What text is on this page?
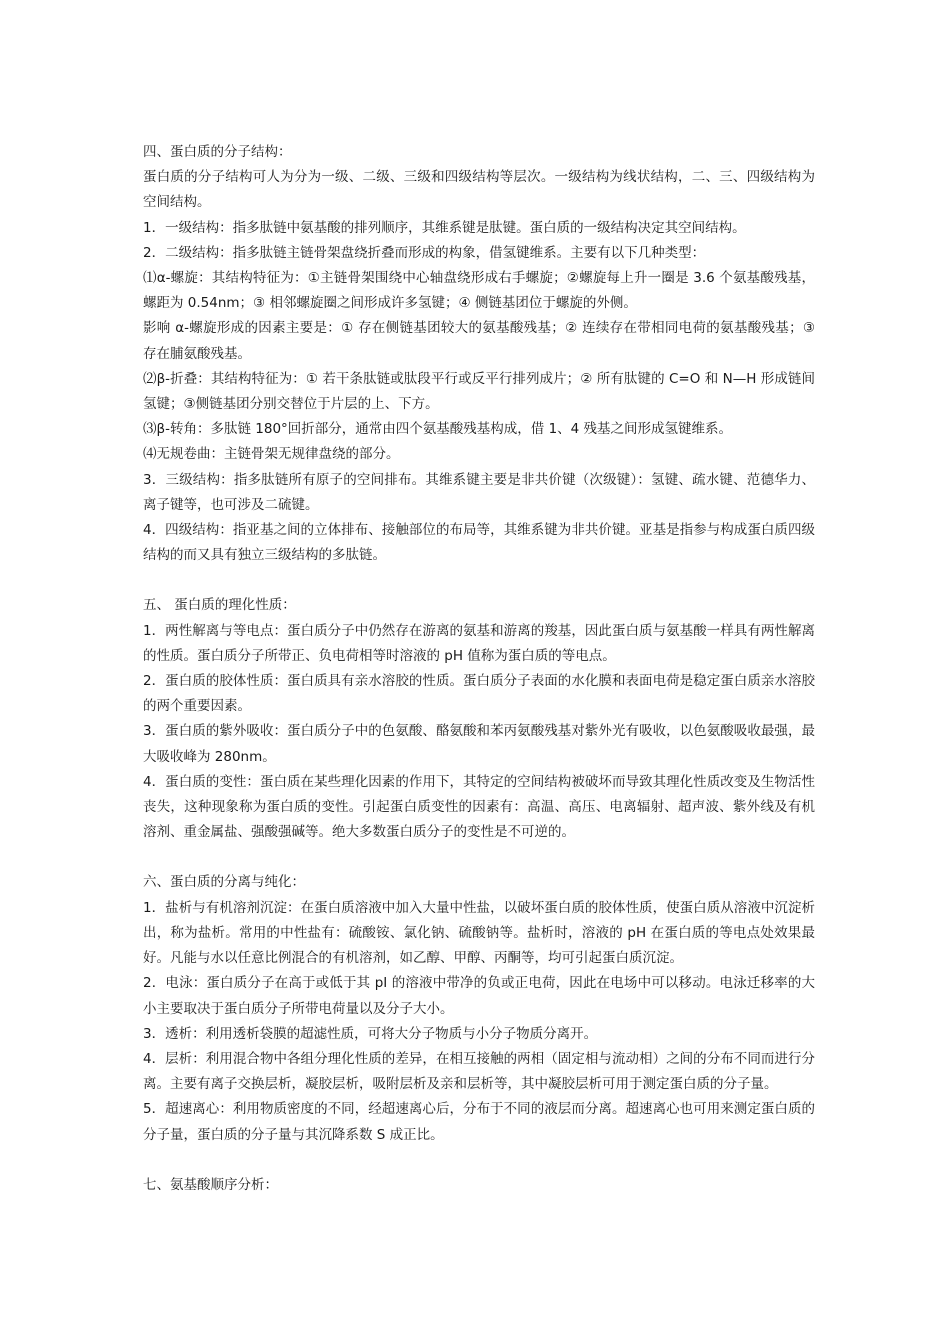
四、蛋白质的分子结构：

蛋白质的分子结构可人为分为一级、二级、三级和四级结构等层次。一级结构为线状结构，二、三、四级结构为空间结构。

1．一级结构：指多肽链中氨基酸的排列顺序，其维系键是肽键。蛋白质的一级结构决定其空间结构。

2．二级结构：指多肽链主链骨架盘绕折叠而形成的构象，借氢键维系。主要有以下几种类型：

⑴α-螺旋：其结构特征为：①主链骨架围绕中心轴盘绕形成右手螺旋；②螺旋每上升一圈是 3.6 个氨基酸残基，螺距为 0.54nm；③ 相邻螺旋圈之间形成许多氢键；④ 侧链基团位于螺旋的外侧。

影响 α-螺旋形成的因素主要是：① 存在侧链基团较大的氨基酸残基；② 连续存在带相同电荷的氨基酸残基；③ 存在脯氨酸残基。

⑵β-折叠：其结构特征为：① 若干条肽链或肽段平行或反平行排列成片；② 所有肽键的 C=O 和 N—H 形成链间氢键；③侧链基团分别交替位于片层的上、下方。

⑶β-转角：多肽链 180°回折部分，通常由四个氨基酸残基构成，借 1、4 残基之间形成氢键维系。

⑷无规卷曲：主链骨架无规律盘绕的部分。

3．三级结构：指多肽链所有原子的空间排布。其维系键主要是非共价键（次级键）：氢键、疏水键、范德华力、离子键等，也可涉及二硫键。

4．四级结构：指亚基之间的立体排布、接触部位的布局等，其维系键为非共价键。亚基是指参与构成蛋白质四级结构的而又具有独立三级结构的多肽链。

五、 蛋白质的理化性质：

1．两性解离与等电点：蛋白质分子中仍然存在游离的氨基和游离的羧基，因此蛋白质与氨基酸一样具有两性解离的性质。蛋白质分子所带正、负电荷相等时溶液的 pH 值称为蛋白质的等电点。

2．蛋白质的胶体性质：蛋白质具有亲水溶胶的性质。蛋白质分子表面的水化膜和表面电荷是稳定蛋白质亲水溶胶的两个重要因素。

3．蛋白质的紫外吸收：蛋白质分子中的色氨酸、酪氨酸和苯丙氨酸残基对紫外光有吸收，以色氨酸吸收最强，最大吸收峰为 280nm。

4．蛋白质的变性：蛋白质在某些理化因素的作用下，其特定的空间结构被破坏而导致其理化性质改变及生物活性丧失，这种现象称为蛋白质的变性。引起蛋白质变性的因素有：高温、高压、电离辐射、超声波、紫外线及有机溶剂、重金属盐、强酸强碱等。绝大多数蛋白质分子的变性是不可逆的。

六、蛋白质的分离与纯化：

1．盐析与有机溶剂沉淀：在蛋白质溶液中加入大量中性盐，以破坏蛋白质的胶体性质，使蛋白质从溶液中沉淀析出，称为盐析。常用的中性盐有：硫酸铵、氯化钠、硫酸钠等。盐析时，溶液的 pH 在蛋白质的等电点处效果最好。凡能与水以任意比例混合的有机溶剂，如乙醇、甲醇、丙酮等，均可引起蛋白质沉淀。

2．电泳：蛋白质分子在高于或低于其 pI 的溶液中带净的负或正电荷，因此在电场中可以移动。电泳迁移率的大小主要取决于蛋白质分子所带电荷量以及分子大小。

3．透析：利用透析袋膜的超滤性质，可将大分子物质与小分子物质分离开。

4．层析：利用混合物中各组分理化性质的差异，在相互接触的两相（固定相与流动相）之间的分布不同而进行分离。主要有离子交换层析，凝胶层析，吸附层析及亲和层析等，其中凝胶层析可用于测定蛋白质的分子量。

5．超速离心：利用物质密度的不同，经超速离心后，分布于不同的液层而分离。超速离心也可用来测定蛋白质的分子量，蛋白质的分子量与其沉降系数 S 成正比。

七、氨基酸顺序分析：
